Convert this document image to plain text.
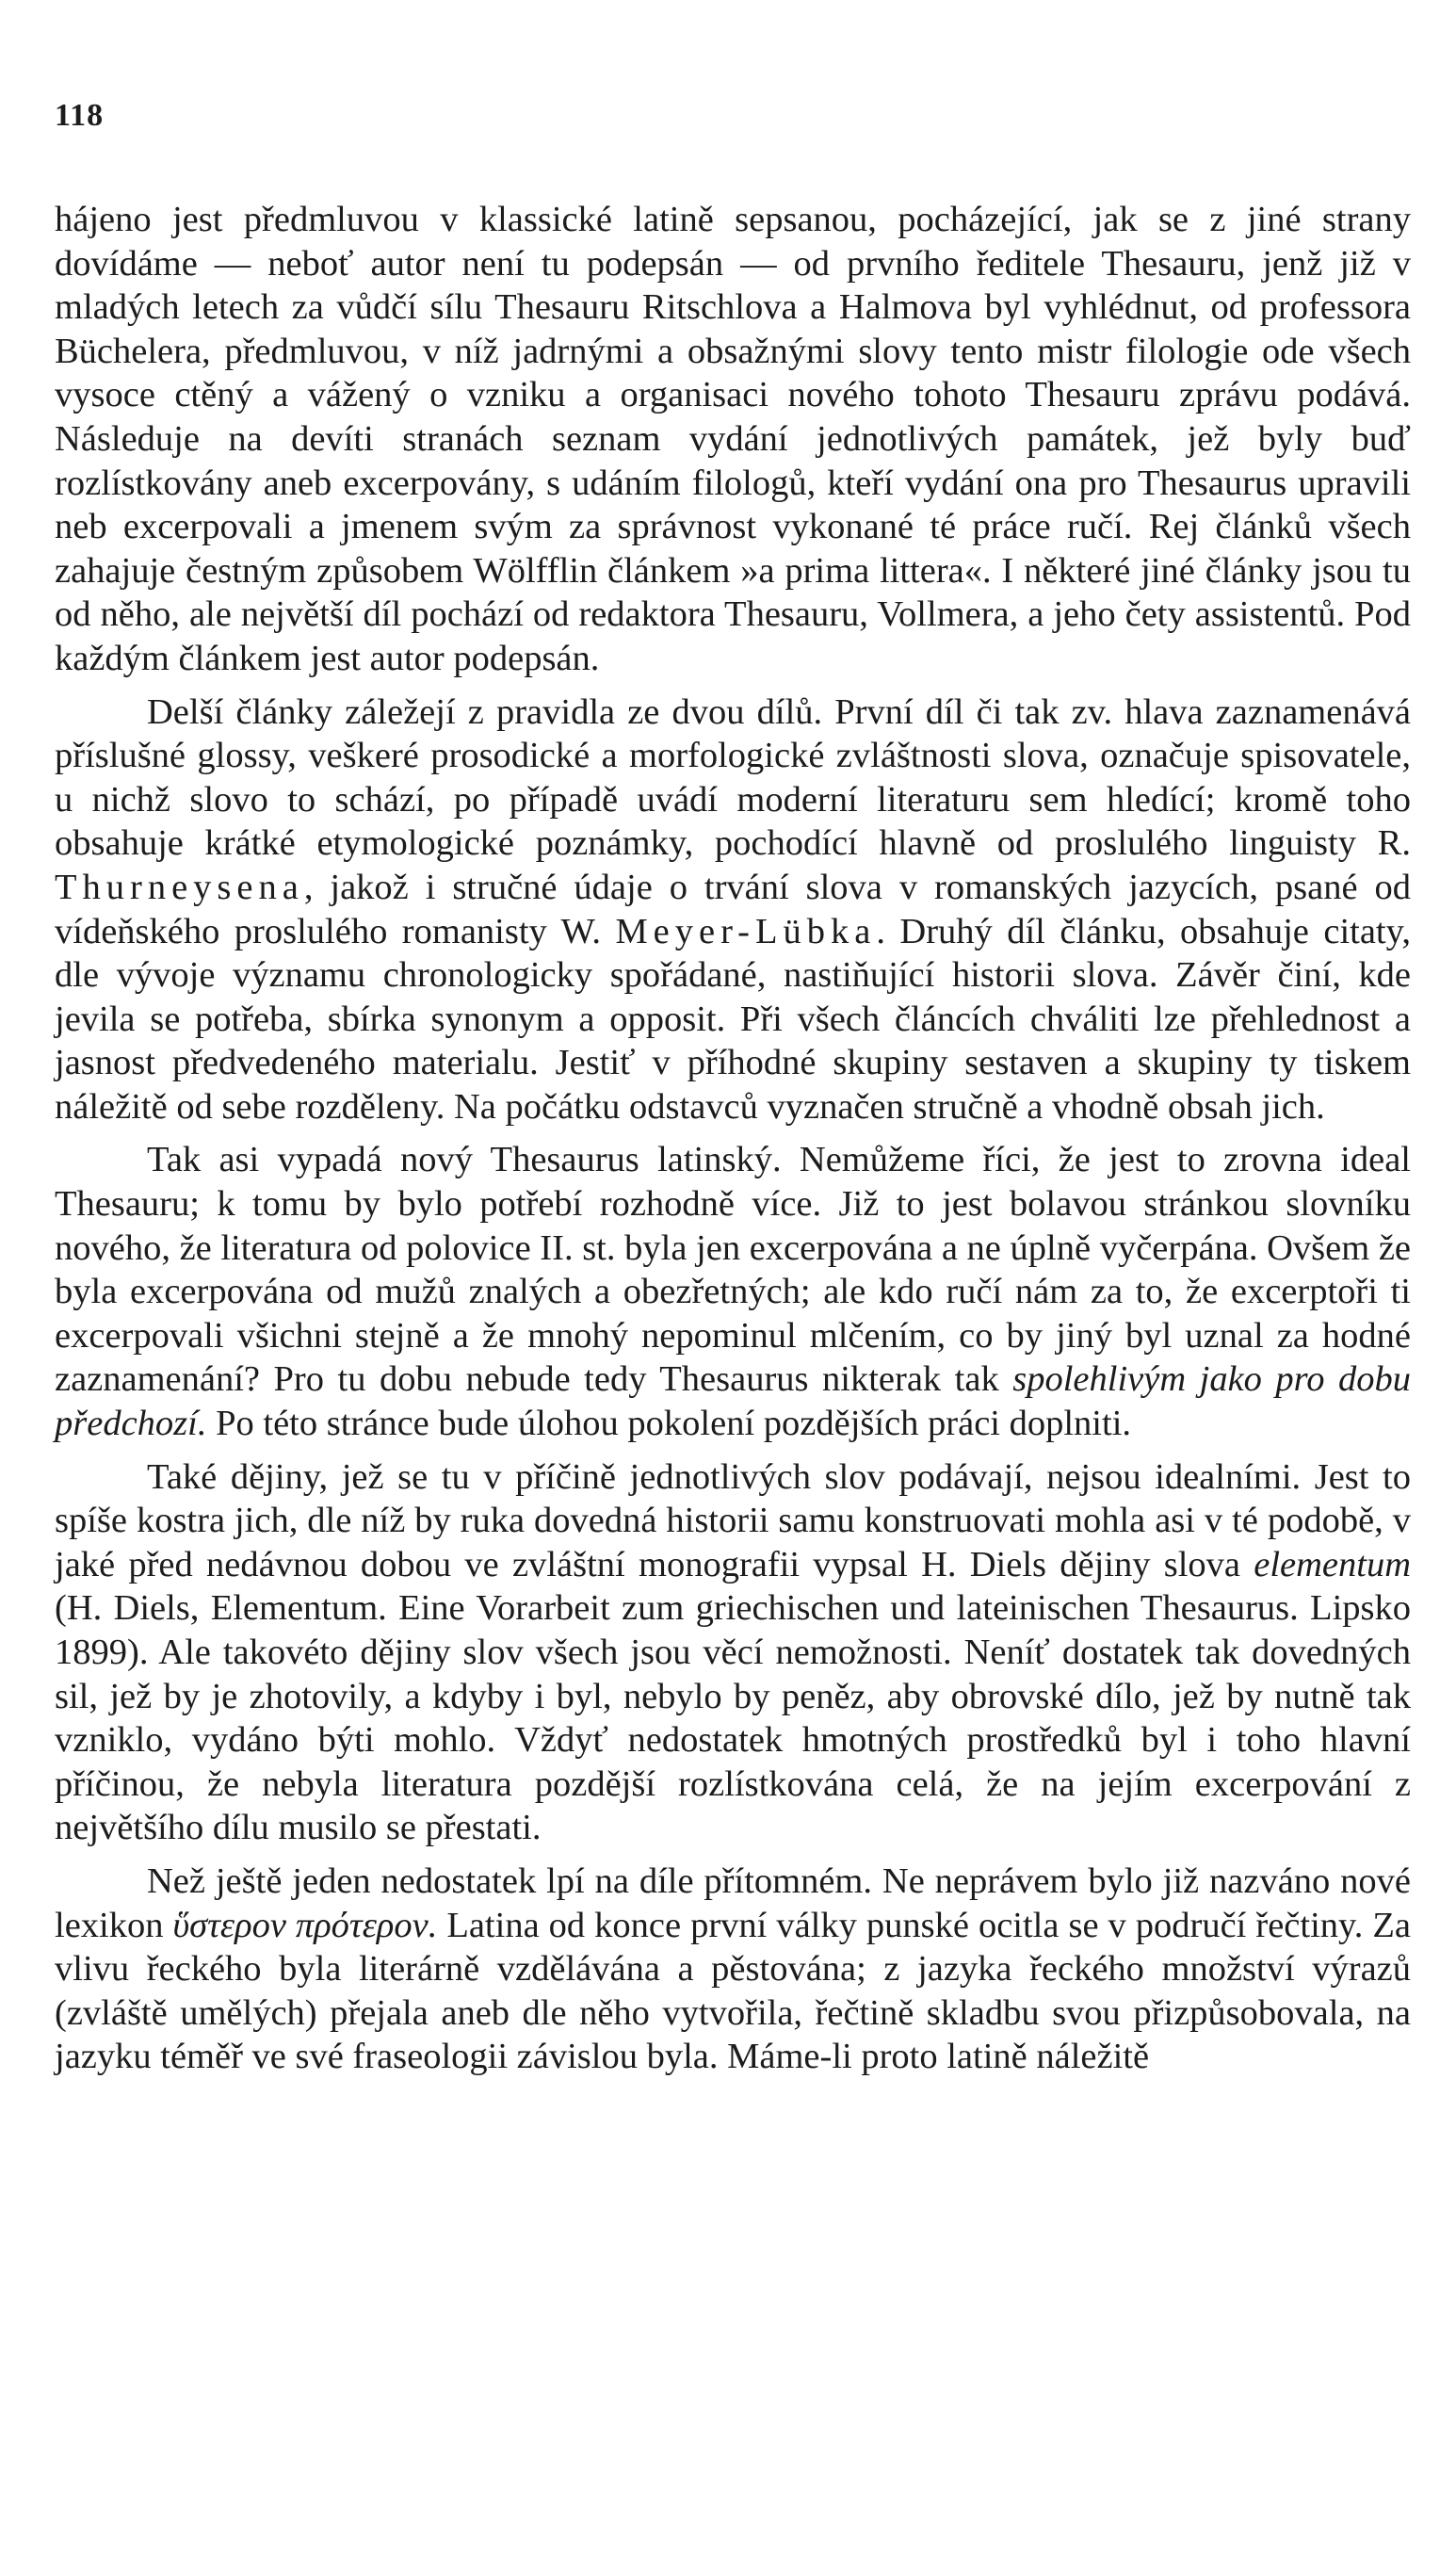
118

hájeno jest předmluvou v klassické latině sepsanou, pocházející, jak se z jiné strany dovídáme — neboť autor není tu podepsán — od prvního ředitele Thesauru, jenž již v mladých letech za vůdčí sílu Thesauru Ritschlova a Halmova byl vyhlédnut, od professora Büchelera, předmluvou, v níž jadrnými a obsažnými slovy tento mistr filologie ode všech vysoce ctěný a vážený o vzniku a organisaci nového tohoto Thesauru zprávu podává. Následuje na devíti stranách seznam vydání jednotlivých památek, jež byly buď rozlístkovány aneb excerpovány, s udáním filologů, kteří vydání ona pro Thesaurus upravili neb excerpovali a jmenem svým za správnost vykonané té práce ručí. Rej článků všech zahajuje čestným způsobem Wölfflin článkem »a prima littera«. I některé jiné články jsou tu od něho, ale největší díl pochází od redaktora Thesauru, Vollmera, a jeho čety assistentů. Pod každým článkem jest autor podepsán.

Delší články záležejí z pravidla ze dvou dílů. První díl či tak zv. hlava zaznamenává příslušné glossy, veškeré prosodické a morfologické zvláštnosti slova, označuje spisovatele, u nichž slovo to schází, po případě uvádí moderní literaturu sem hledící; kromě toho obsahuje krátké etymologické poznámky, pochodící hlavně od proslulého linguisty R. Thurneysena, jakož i stručné údaje o trvání slova v romanských jazycích, psané od vídeňského proslulého romanisty W. Meyer-Lübka. Druhý díl článku, obsahuje citaty, dle vývoje významu chronologicky spořádané, nastiňující historii slova. Závěr činí, kde jevila se potřeba, sbírka synonym a opposit. Při všech článcích chváliti lze přehlednost a jasnost předvedeného materialu. Jestiť v příhodné skupiny sestaven a skupiny ty tiskem náležitě od sebe rozděleny. Na počátku odstavců vyznačen stručně a vhodně obsah jich.

Tak asi vypadá nový Thesaurus latinský. Nemůžeme říci, že jest to zrovna ideal Thesauru; k tomu by bylo potřebí rozhodně více. Již to jest bolavou stránkou slovníku nového, že literatura od polovice II. st. byla jen excerpována a ne úplně vyčerpána. Ovšem že byla excerpována od mužů znalých a obezřetných; ale kdo ručí nám za to, že excerptoři ti excerpovali všichni stejně a že mnohý nepominul mlčením, co by jiný byl uznal za hodné zaznamenání? Pro tu dobu nebude tedy Thesaurus nikterak tak spolehlivým jako pro dobu předchozí. Po této stránce bude úlohou pokolení pozdějších práci doplniti.

Také dějiny, jež se tu v příčině jednotlivých slov podávají, nejsou idealními. Jest to spíše kostra jich, dle níž by ruka dovedná historii samu konstruovati mohla asi v té podobě, v jaké před nedávnou dobou ve zvláštní monografii vypsal H. Diels dějiny slova elementum (H. Diels, Elementum. Eine Vorarbeit zum griechischen und lateinischen Thesaurus. Lipsko 1899). Ale takovéto dějiny slov všech jsou věcí nemožnosti. Neníť dostatek tak dovedných sil, jež by je zhotovily, a kdyby i byl, nebylo by peněz, aby obrovské dílo, jež by nutně tak vzniklo, vydáno býti mohlo. Vždyť nedostatek hmotných prostředků byl i toho hlavní příčinou, že nebyla literatura pozdější rozlístkována celá, že na jejím excerpování z největšího dílu musilo se přestati.

Než ještě jeden nedostatek lpí na díle přítomném. Ne neprávem bylo již nazváno nové lexikon ὕστερον πρότερον. Latina od konce první války punské ocitla se v područí řečtiny. Za vlivu řeckého byla literárně vzdělávána a pěstována; z jazyka řeckého množství výrazů (zvláště umělých) přejala aneb dle něho vytvořila, řečtině skladbu svou přizpůsobovala, na jazyku téměř ve své fraseologii závislou byla. Máme-li proto latině náležitě
